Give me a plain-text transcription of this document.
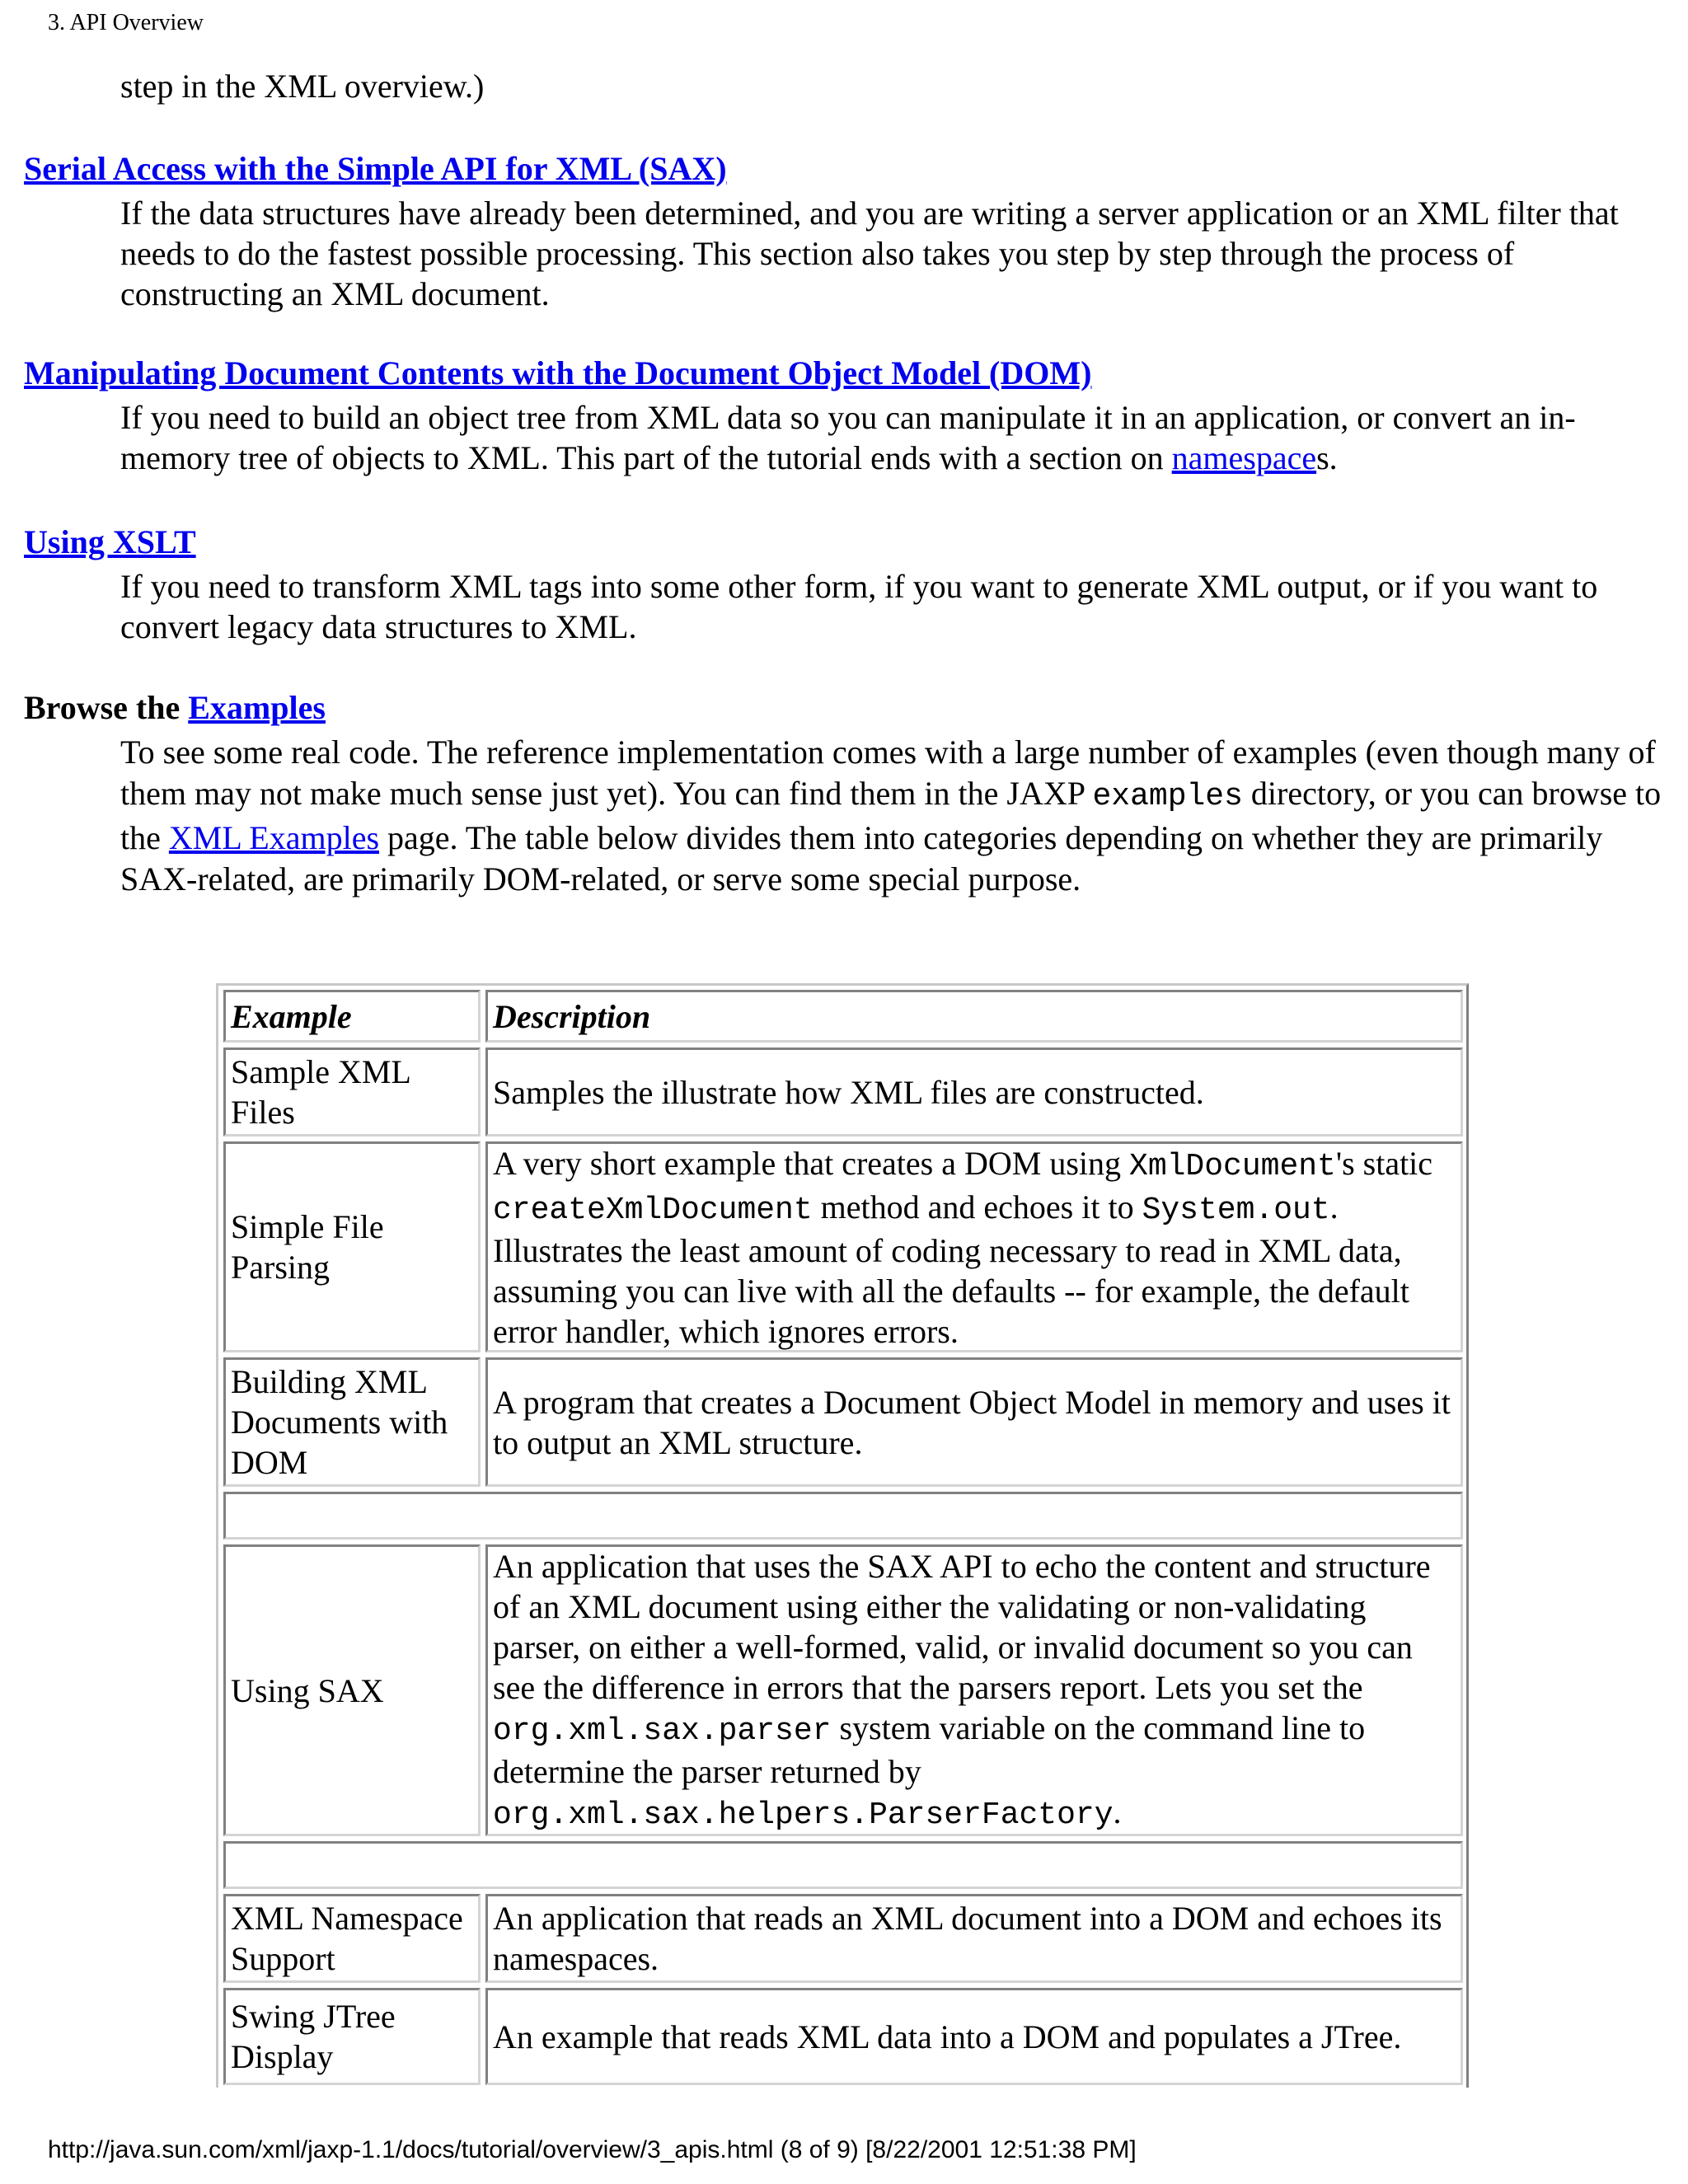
3. API Overview
step in the XML overview.)
Serial Access with the Simple API for XML (SAX)
If the data structures have already been determined, and you are writing a server application or an XML filter that needs to do the fastest possible processing. This section also takes you step by step through the process of constructing an XML document.
Manipulating Document Contents with the Document Object Model (DOM)
If you need to build an object tree from XML data so you can manipulate it in an application, or convert an in-memory tree of objects to XML. This part of the tutorial ends with a section on namespaces.
Using XSLT
If you need to transform XML tags into some other form, if you want to generate XML output, or if you want to convert legacy data structures to XML.
Browse the Examples
To see some real code. The reference implementation comes with a large number of examples (even though many of them may not make much sense just yet). You can find them in the JAXP examples directory, or you can browse to the XML Examples page. The table below divides them into categories depending on whether they are primarily SAX-related, are primarily DOM-related, or serve some special purpose.
Example	Description
Sample XML Files
Samples the illustrate how XML files are constructed.
Simple File Parsing
A very short example that creates a DOM using XmlDocument's static createXmlDocument method and echoes it to System.out. Illustrates the least amount of coding necessary to read in XML data, assuming you can live with all the defaults -- for example, the default error handler, which ignores errors.
Building XML Documents with DOM
A program that creates a Document Object Model in memory and uses it to output an XML structure.
Using SAX
An application that uses the SAX API to echo the content and structure of an XML document using either the validating or non-validating parser, on either a well-formed, valid, or invalid document so you can see the difference in errors that the parsers report. Lets you set the org.xml.sax.parser system variable on the command line to determine the parser returned by org.xml.sax.helpers.ParserFactory.
XML Namespace Support
An application that reads an XML document into a DOM and echoes its namespaces.
Swing JTree Display
An example that reads XML data into a DOM and populates a JTree.
http://java.sun.com/xml/jaxp-1.1/docs/tutorial/overview/3_apis.html (8 of 9) [8/22/2001 12:51:38 PM]
